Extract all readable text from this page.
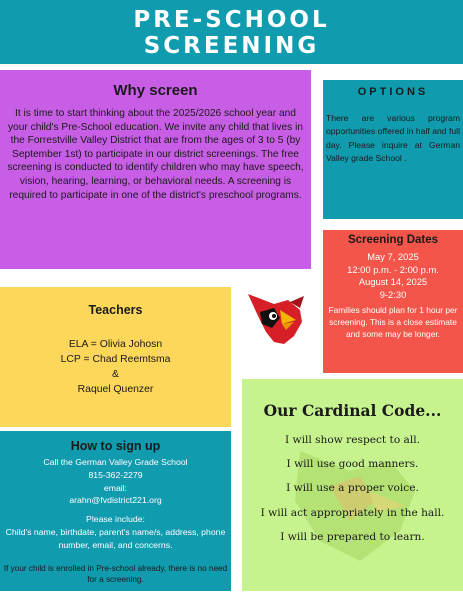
PRE-SCHOOL
SCREENING
Why screen

It is time to start thinking about the 2025/2026 school year and your child's Pre-School education. We invite any child that lives in the Forrestville Valley District that are from the ages of 3 to 5 (by September 1st) to participate in our district screenings. The free screening is conducted to identify children who may have speech, vision, hearing, learning, or behavioral needs. A screening is required to participate in one of the district's preschool programs.

OPTIONS

There are various program opportunities offered in half and full day. Please inquire at German Valley grade School .

Screening Dates
May 7, 2025
12:00 p.m. - 2:00 p.m.
August 14, 2025
9-2:30
Families should plan for 1 hour per screening. This is a close estimate and some may be longer.
Teachers
ELA = Olivia Johosn
LCP = Chad Reemtsma
&
Raquel Quenzer
How to sign up
Call the German Valley Grade School
815-362-2279
email:
arahn@fvdistrict221.org
Please include:
Child's name, birthdate, parent's name/s, address, phone number, email, and concerns.
If your child is enrolled in Pre-school already, there is no need for a screening.
Our Cardinal Code...
I will show respect to all.
I will use good manners.
I will use a proper voice.
I will act appropriately in the hall.
I will be prepared to learn.
